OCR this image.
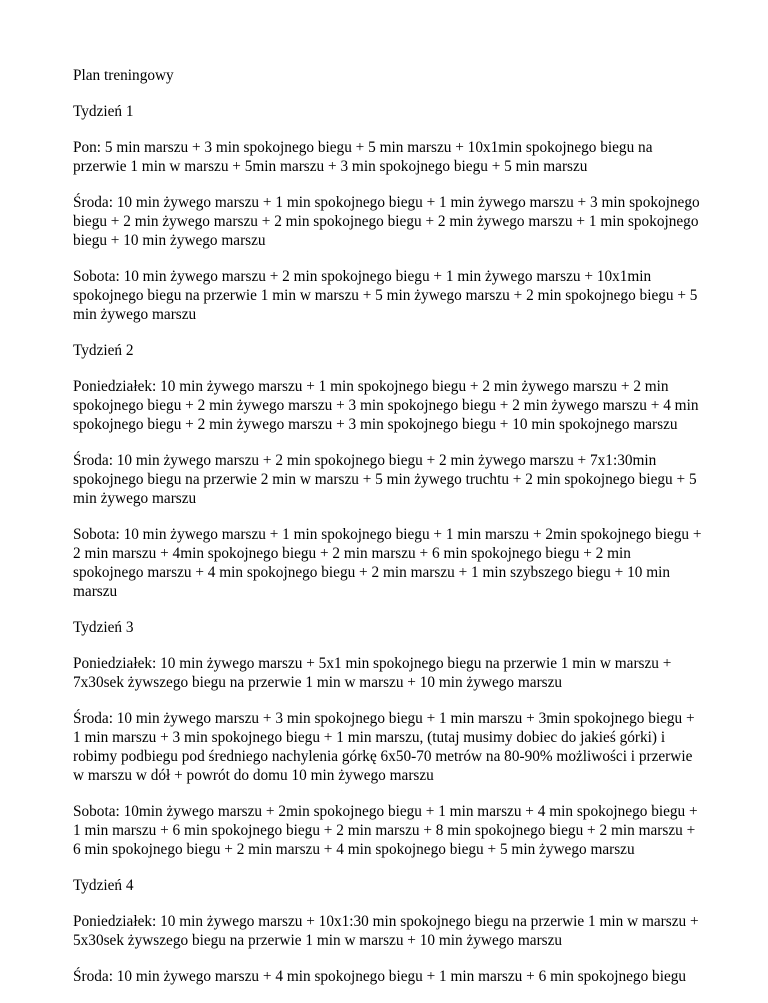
Plan treningowy

Tydzień 1

Pon: 5 min marszu + 3 min spokojnego biegu + 5 min marszu + 10x1min spokojnego biegu na przerwie 1 min w marszu + 5min marszu + 3 min spokojnego biegu + 5 min marszu

Środa: 10 min żywego marszu + 1 min spokojnego biegu + 1 min żywego marszu + 3 min spokojnego biegu + 2 min żywego marszu + 2 min spokojnego biegu + 2 min żywego marszu + 1 min spokojnego biegu + 10 min żywego marszu

Sobota: 10 min żywego marszu + 2 min spokojnego biegu + 1 min żywego marszu + 10x1min spokojnego biegu na przerwie 1 min w marszu + 5 min żywego marszu + 2 min spokojnego biegu + 5 min żywego marszu

Tydzień 2

Poniedziałek: 10 min żywego marszu + 1 min spokojnego biegu + 2 min żywego marszu + 2 min spokojnego biegu + 2 min żywego marszu + 3 min spokojnego biegu + 2 min żywego marszu + 4 min spokojnego biegu + 2 min żywego marszu + 3 min spokojnego biegu + 10 min spokojnego marszu

Środa: 10 min żywego marszu + 2 min spokojnego biegu + 2 min żywego marszu + 7x1:30min spokojnego biegu na przerwie 2 min w marszu + 5 min żywego truchtu + 2 min spokojnego biegu + 5 min żywego marszu

Sobota: 10 min żywego marszu + 1 min spokojnego biegu + 1 min marszu + 2min spokojnego biegu + 2 min marszu + 4min spokojnego biegu + 2 min marszu + 6 min spokojnego biegu + 2 min spokojnego marszu + 4 min spokojnego biegu + 2 min marszu + 1 min szybszego biegu + 10 min marszu

Tydzień 3

Poniedziałek: 10 min żywego marszu + 5x1 min spokojnego biegu na przerwie 1 min w marszu + 7x30sek żywszego biegu na przerwie 1 min w marszu + 10 min żywego marszu

Środa: 10 min żywego marszu + 3 min spokojnego biegu + 1 min marszu + 3min spokojnego biegu + 1 min marszu + 3 min spokojnego biegu + 1 min marszu, (tutaj musimy dobiec do jakieś górki) i robimy podbiegu pod średniego nachylenia górkę 6x50-70 metrów na 80-90% możliwości i przerwie w marszu w dół + powrót do domu 10 min żywego marszu

Sobota: 10min żywego marszu + 2min spokojnego biegu + 1 min marszu + 4 min spokojnego biegu + 1 min marszu + 6 min spokojnego biegu + 2 min marszu + 8 min spokojnego biegu + 2 min marszu + 6 min spokojnego biegu + 2 min marszu + 4 min spokojnego biegu + 5 min żywego marszu

Tydzień 4

Poniedziałek: 10 min żywego marszu + 10x1:30 min spokojnego biegu na przerwie 1 min w marszu + 5x30sek żywszego biegu na przerwie 1 min w marszu + 10 min żywego marszu

Środa: 10 min żywego marszu + 4 min spokojnego biegu + 1 min marszu + 6 min spokojnego biegu
